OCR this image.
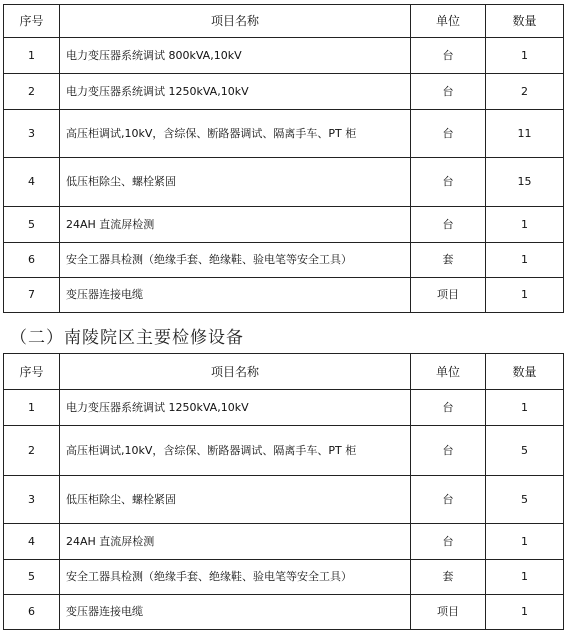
序号	项目名称	单位	数量
1	电力变压器系统调试 800kVA,10kV	台	1
2	电力变压器系统调试 1250kVA,10kV	台	2
3	高压柜调试,10kV，含综保、断路器调试、隔离手车、PT 柜	台	11
4	低压柜除尘、螺栓紧固	台	15
5	24AH 直流屏检测	台	1
6	安全工器具检测（绝缘手套、绝缘鞋、验电笔等安全工具）	套	1
7	变压器连接电缆	项目	1
（二）南陵院区主要检修设备
序号	项目名称	单位	数量
1	电力变压器系统调试 1250kVA,10kV	台	1
2	高压柜调试,10kV，含综保、断路器调试、隔离手车、PT 柜	台	5
3	低压柜除尘、螺栓紧固	台	5
4	24AH 直流屏检测	台	1
5	安全工器具检测（绝缘手套、绝缘鞋、验电笔等安全工具）	套	1
6	变压器连接电缆	项目	1
